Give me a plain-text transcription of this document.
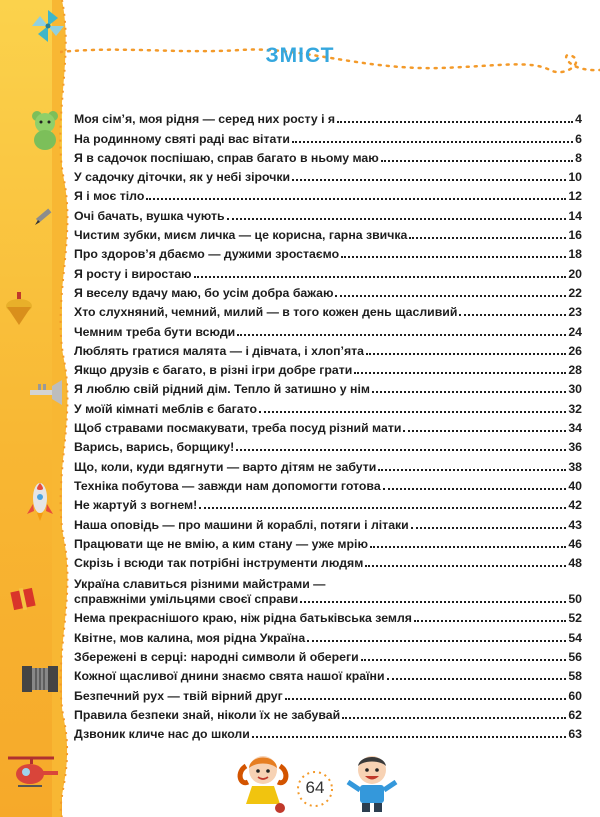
ЗМІСТ
Моя сім’я, моя рідня — серед них росту і я	4
На родинному святі раді вас вітати	6
Я в садочок поспішаю, справ багато в ньому маю	8
У садочку діточки, як у небі зірочки	10
Я і моє тіло	12
Очі бачать, вушка чують	14
Чистим зубки, миєм личка — це корисна, гарна звичка	16
Про здоров’я дбаємо — дужими зростаємо	18
Я росту і виростаю	20
Я веселу вдачу маю, бо усім добра бажаю	22
Хто слухняний, чемний, милий — в того кожен день щасливий	23
Чемним треба бути всюди	24
Люблять гратися малята — і дівчата, і хлоп’ята	26
Якщо друзів є багато, в різні ігри добре грати	28
Я люблю свій рідний дім. Тепло й затишно у нім	30
У моїй кімнаті меблів є багато	32
Щоб стравами посмакувати, треба посуд різний мати	34
Варись, варись, борщику!	36
Що, коли, куди вдягнути — варто дітям не забути	38
Техніка побутова — завжди нам допомогти готова	40
Не жартуй з вогнем!	42
Наша оповідь — про машини й кораблі, потяги і літаки	43
Працювати ще не вмію, а ким стану — уже мрію	46
Скрізь і всюди так потрібні інструменти людям	48
Україна славиться різними майстрами —
справжніми умільцями своєї справи	50
Нема прекраснішого краю, ніж рідна батьківська земля	52
Квітне, мов калина, моя рідна Україна	54
Збережені в серці: народні символи й обереги	56
Кожної щасливої днини знаємо свята нашої країни	58
Безпечний рух — твій вірний друг	60
Правила безпеки знай, ніколи їх не забувай	62
Дзвоник кличе нас до школи	63
64
